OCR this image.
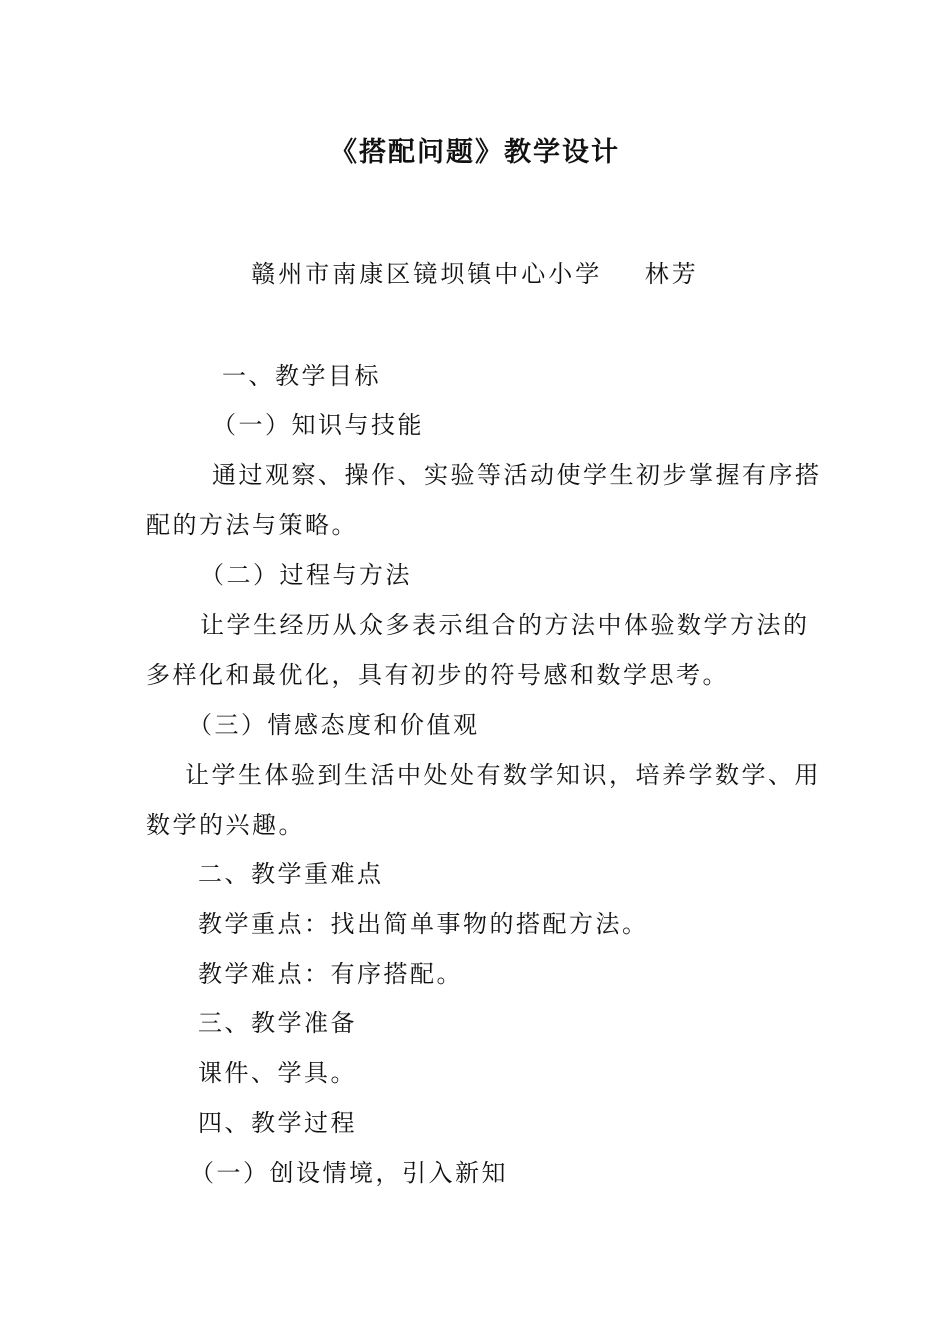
《搭配问题》教学设计
赣州市南康区镜坝镇中心小学    林芳
一、教学目标
（一）知识与技能
通过观察、操作、实验等活动使学生初步掌握有序搭
配的方法与策略。
（二）过程与方法
让学生经历从众多表示组合的方法中体验数学方法的
多样化和最优化，具有初步的符号感和数学思考。
（三）情感态度和价值观
让学生体验到生活中处处有数学知识，培养学数学、用
数学的兴趣。
二、教学重难点
教学重点：找出简单事物的搭配方法。
教学难点：有序搭配。
三、教学准备
课件、学具。
四、教学过程
（一）创设情境，引入新知
